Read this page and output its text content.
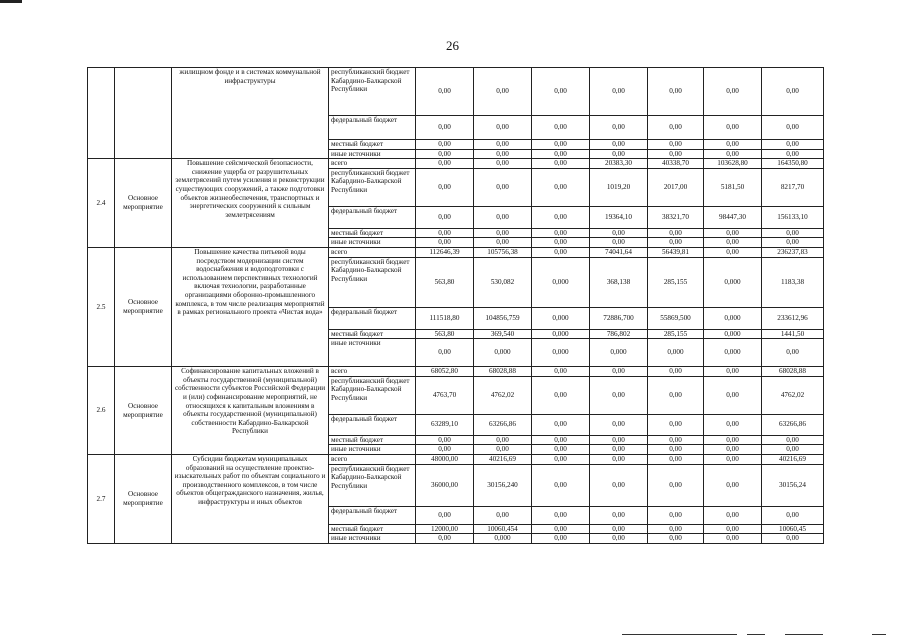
26
		жилищном фонде и в системах коммунальной инфраструктуры	республиканский бюджет Кабардино-Балкарской Республики	0,00	0,00	0,00	0,00	0,00	0,00	0,00
			федеральный бюджет	0,00	0,00	0,00	0,00	0,00	0,00	0,00
			местный бюджет	0,00	0,00	0,00	0,00	0,00	0,00	0,00
			иные источники	0,00	0,00	0,00	0,00	0,00	0,00	0,00
2.4	Основное мероприятие	Повышение сейсмической безопасности, снижение ущерба от разрушительных землетрясений путем усиления и реконструкции существующих сооружений, а также подготовки объектов жизнеобеспечения, транспортных и энергетических сооружений к сильным землетрясениям	всего	0,00	0,00	0,00	20383,30	40338,70	103628,80	164350,80
			республиканский бюджет Кабардино-Балкарской Республики	0,00	0,00	0,00	1019,20	2017,00	5181,50	8217,70
			федеральный бюджет	0,00	0,00	0,00	19364,10	38321,70	98447,30	156133,10
			местный бюджет	0,00	0,00	0,00	0,00	0,00	0,00	0,00
			иные источники	0,00	0,00	0,00	0,00	0,00	0,00	0,00
2.5	Основное мероприятие	Повышение качества питьевой воды посредством модернизации систем водоснабжения и водоподготовки с использованием перспективных технологий включая технологии, разработанные организациями оборонно-промышленного комплекса, в том числе реализация мероприятий в рамках регионального проекта «Чистая вода»	всего	112646,39	105756,38	0,00	74041,64	56439,81	0,00	236237,83
			республиканский бюджет Кабардино-Балкарской Республики	563,80	530,082	0,000	368,138	285,155	0,000	1183,38
			федеральный бюджет	111518,80	104856,759	0,000	72886,700	55869,500	0,000	233612,96
			местный бюджет	563,80	369,540	0,000	786,802	285,155	0,000	1441,50
			иные источники	0,00	0,000	0,000	0,000	0,000	0,000	0,00
2.6	Основное мероприятие	Софинансирование капитальных вложений в объекты государственной (муниципальной) собственности субъектов Российской Федерации и (или) софинансирование мероприятий, не относящихся к капитальным вложениям в объекты государственной (муниципальной) собственности Кабардино-Балкарской Республики	всего	68052,80	68028,88	0,00	0,00	0,00	0,00	68028,88
			республиканский бюджет Кабардино-Балкарской Республики	4763,70	4762,02	0,00	0,00	0,00	0,00	4762,02
			федеральный бюджет	63289,10	63266,86	0,00	0,00	0,00	0,00	63266,86
			местный бюджет	0,00	0,00	0,00	0,00	0,00	0,00	0,00
			иные источники	0,00	0,00	0,00	0,00	0,00	0,00	0,00
2.7	Основное мероприятие	Субсидии бюджетам муниципальных образований на осуществление проектно-изыскательных работ по объектам социального и производственного комплексов, в том числе объектов общегражданского назначения, жилья, инфраструктуры и иных объектов	всего	48000,00	40216,69	0,00	0,00	0,00	0,00	40216,69
			республиканский бюджет Кабардино-Балкарской Республики	36000,00	30156,240	0,00	0,00	0,00	0,00	30156,24
			федеральный бюджет	0,00	0,00	0,00	0,00	0,00	0,00	0,00
			местный бюджет	12000,00	10060,454	0,00	0,00	0,00	0,00	10060,45
			иные источники	0,00	0,000	0,00	0,00	0,00	0,00	0,00
